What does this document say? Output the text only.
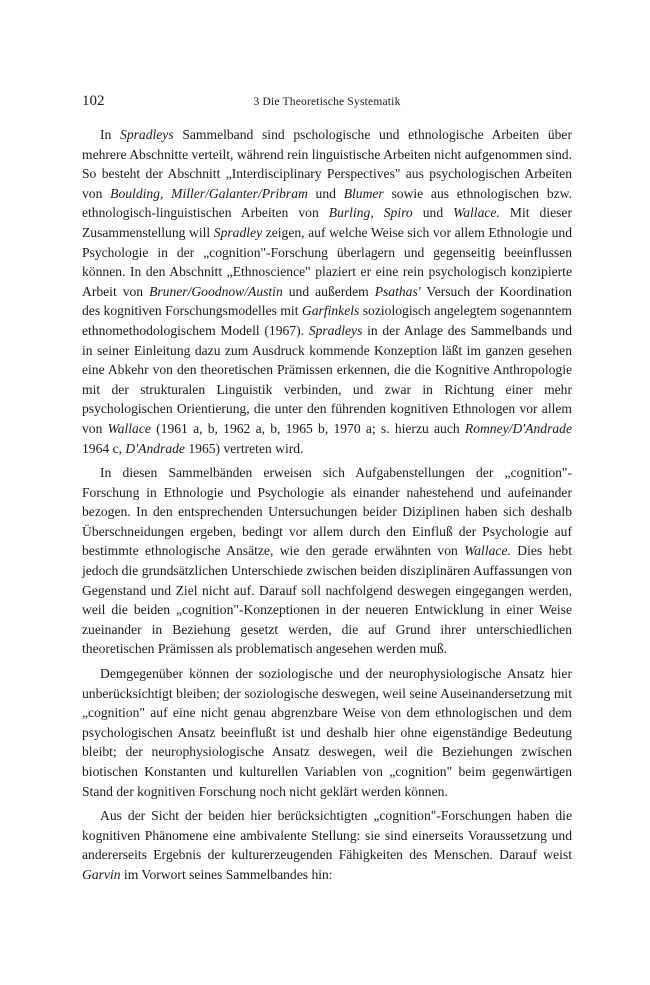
102	3 Die Theoretische Systematik

In Spradleys Sammelband sind pschologische und ethnologische Arbeiten über mehrere Abschnitte verteilt, während rein linguistische Arbeiten nicht aufgenommen sind. So besteht der Abschnitt „Interdisciplinary Perspectives" aus psychologischen Arbeiten von Boulding, Miller/Galanter/Pribram und Blumer sowie aus ethnologischen bzw. ethnologisch-linguistischen Arbeiten von Burling, Spiro und Wallace. Mit dieser Zusammenstellung will Spradley zeigen, auf welche Weise sich vor allem Ethnologie und Psychologie in der „cognition"-Forschung überlagern und gegenseitig beeinflussen können. In den Abschnitt „Ethnoscience" plaziert er eine rein psychologisch konzipierte Arbeit von Bruner/Goodnow/Austin und außerdem Psathas' Versuch der Koordination des kognitiven Forschungsmodelles mit Garfinkels soziologisch angelegtem sogenanntem ethnomethodologischem Modell (1967). Spradleys in der Anlage des Sammelbands und in seiner Einleitung dazu zum Ausdruck kommende Konzeption läßt im ganzen gesehen eine Abkehr von den theoretischen Prämissen erkennen, die die Kognitive Anthropologie mit der strukturalen Linguistik verbinden, und zwar in Richtung einer mehr psychologischen Orientierung, die unter den führenden kognitiven Ethnologen vor allem von Wallace (1961 a, b, 1962 a, b, 1965 b, 1970 a; s. hierzu auch Romney/D'Andrade 1964 c, D'Andrade 1965) vertreten wird.

In diesen Sammelbänden erweisen sich Aufgabenstellungen der „cognition"-Forschung in Ethnologie und Psychologie als einander nahestehend und aufeinander bezogen. In den entsprechenden Untersuchungen beider Diziplinen haben sich deshalb Überschneidungen ergeben, bedingt vor allem durch den Einfluß der Psychologie auf bestimmte ethnologische Ansätze, wie den gerade erwähnten von Wallace. Dies hebt jedoch die grundsätzlichen Unterschiede zwischen beiden disziplinären Auffassungen von Gegenstand und Ziel nicht auf. Darauf soll nachfolgend deswegen eingegangen werden, weil die beiden „cognition"-Konzeptionen in der neueren Entwicklung in einer Weise zueinander in Beziehung gesetzt werden, die auf Grund ihrer unterschiedlichen theoretischen Prämissen als problematisch angesehen werden muß.

Demgegenüber können der soziologische und der neurophysiologische Ansatz hier unberücksichtigt bleiben; der soziologische deswegen, weil seine Auseinandersetzung mit „cognition" auf eine nicht genau abgrenzbare Weise von dem ethnologischen und dem psychologischen Ansatz beeinflußt ist und deshalb hier ohne eigenständige Bedeutung bleibt; der neurophysiologische Ansatz deswegen, weil die Beziehungen zwischen biotischen Konstanten und kulturellen Variablen von „cognition" beim gegenwärtigen Stand der kognitiven Forschung noch nicht geklärt werden können.

Aus der Sicht der beiden hier berücksichtigten „cognition"-Forschungen haben die kognitiven Phänomene eine ambivalente Stellung: sie sind einerseits Voraussetzung und andererseits Ergebnis der kulturerzeugenden Fähigkeiten des Menschen. Darauf weist Garvin im Vorwort seines Sammelbandes hin:
